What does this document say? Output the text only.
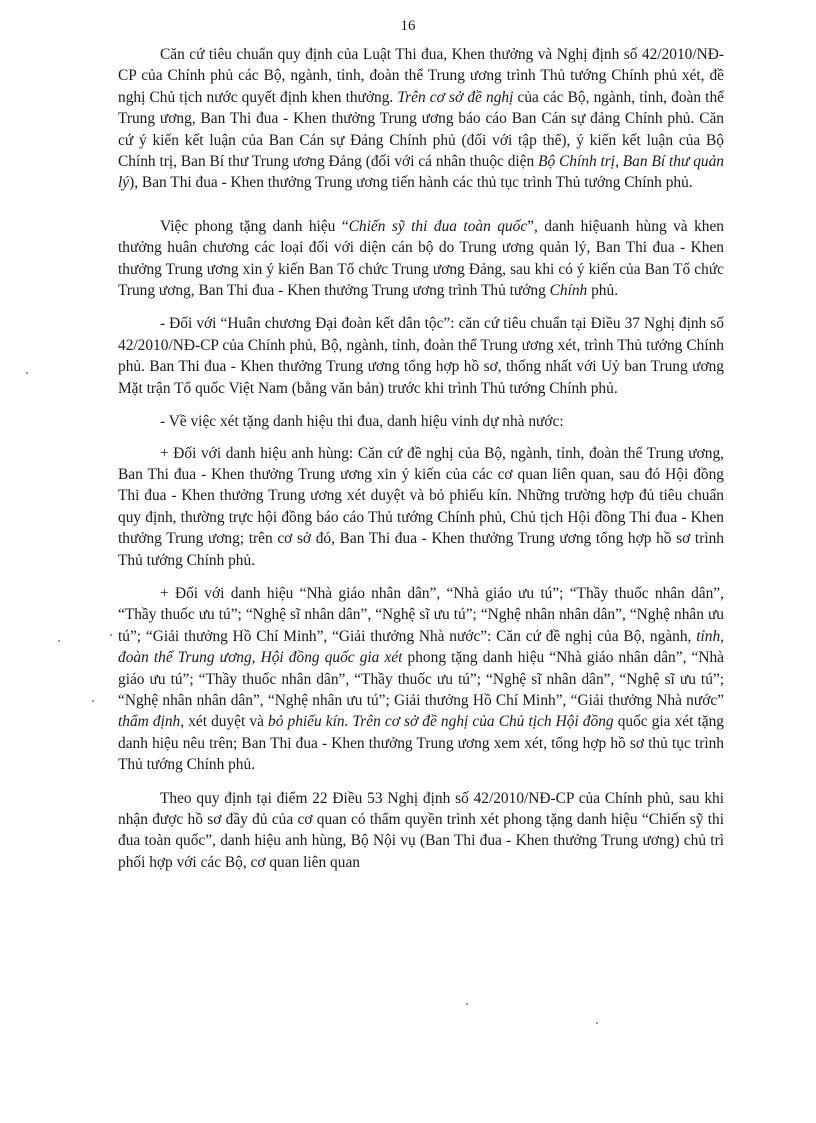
16

Căn cứ tiêu chuẩn quy định của Luật Thi đua, Khen thưởng và Nghị định số 42/2010/NĐ-CP của Chính phủ các Bộ, ngành, tỉnh, đoàn thể Trung ương trình Thủ tướng Chính phủ xét, đề nghị Chủ tịch nước quyết định khen thưởng. Trên cơ sở đề nghị của các Bộ, ngành, tỉnh, đoàn thể Trung ương, Ban Thi đua - Khen thưởng Trung ương báo cáo Ban Cán sự đảng Chính phủ. Căn cứ ý kiến kết luận của Ban Cán sự Đảng Chính phủ (đối với tập thể), ý kiến kết luận của Bộ Chính trị, Ban Bí thư Trung ương Đảng (đối với cá nhân thuộc diện Bộ Chính trị, Ban Bí thư quản lý), Ban Thi đua - Khen thưởng Trung ương tiến hành các thủ tục trình Thủ tướng Chính phủ.

Việc phong tặng danh hiệu “Chiến sỹ thi đua toàn quốc”, danh hiệuanh hùng và khen thưởng huân chương các loại đối với diện cán bộ do Trung ương quản lý, Ban Thi đua - Khen thưởng Trung ương xin ý kiến Ban Tổ chức Trung ương Đảng, sau khi có ý kiến của Ban Tổ chức Trung ương, Ban Thi đua - Khen thưởng Trung ương trình Thủ tướng Chính phủ.

- Đối với “Huân chương Đại đoàn kết dân tộc”: căn cứ tiêu chuẩn tại Điều 37 Nghị định số 42/2010/NĐ-CP của Chính phủ, Bộ, ngành, tỉnh, đoàn thể Trung ương xét, trình Thủ tướng Chính phủ. Ban Thi đua - Khen thưởng Trung ương tổng hợp hồ sơ, thống nhất với Uỷ ban Trung ương Mặt trận Tổ quốc Việt Nam (bằng văn bản) trước khi trình Thủ tướng Chính phủ.

- Về việc xét tặng danh hiệu thi đua, danh hiệu vinh dự nhà nước:

+ Đối với danh hiệu anh hùng: Căn cứ đề nghị của Bộ, ngành, tỉnh, đoàn thể Trung ương, Ban Thi đua - Khen thưởng Trung ương xin ý kiến của các cơ quan liên quan, sau đó Hội đồng Thi đua - Khen thưởng Trung ương xét duyệt và bỏ phiếu kín. Những trường hợp đủ tiêu chuẩn quy định, thường trực hội đồng báo cáo Thủ tướng Chính phủ, Chủ tịch Hội đồng Thi đua - Khen thưởng Trung ương; trên cơ sở đó, Ban Thi đua - Khen thưởng Trung ương tổng hợp hồ sơ trình Thủ tướng Chính phủ.

+ Đối với danh hiệu “Nhà giáo nhân dân”, “Nhà giáo ưu tú”; “Thầy thuốc nhân dân”, “Thầy thuốc ưu tú”; “Nghệ sĩ nhân dân”, “Nghệ sĩ ưu tú”; “Nghệ nhân nhân dân”, “Nghệ nhân ưu tú”; “Giải thưởng Hồ Chí Minh”, “Giải thưởng Nhà nước”: Căn cứ đề nghị của Bộ, ngành, tỉnh, đoàn thể Trung ương, Hội đồng quốc gia xét phong tặng danh hiệu “Nhà giáo nhân dân”, “Nhà giáo ưu tú”; “Thầy thuốc nhân dân”, “Thầy thuốc ưu tú”; “Nghệ sĩ nhân dân”, “Nghệ sĩ ưu tú”; “Nghệ nhân nhân dân”, “Nghệ nhân ưu tú”; Giải thưởng Hồ Chí Minh”, “Giải thưởng Nhà nước” thẩm định, xét duyệt và bỏ phiếu kín. Trên cơ sở đề nghị của Chủ tịch Hội đồng quốc gia xét tặng danh hiệu nêu trên; Ban Thi đua - Khen thưởng Trung ương xem xét, tổng hợp hồ sơ thủ tục trình Thủ tướng Chính phủ.

Theo quy định tại điểm 22 Điều 53 Nghị định số 42/2010/NĐ-CP của Chính phủ, sau khi nhận được hồ sơ đầy đủ của cơ quan có thẩm quyền trình xét phong tặng danh hiệu “Chiến sỹ thi đua toàn quốc”, danh hiệu anh hùng, Bộ Nội vụ (Ban Thi đua - Khen thưởng Trung ương) chủ trì phối hợp với các Bộ, cơ quan liên quan
